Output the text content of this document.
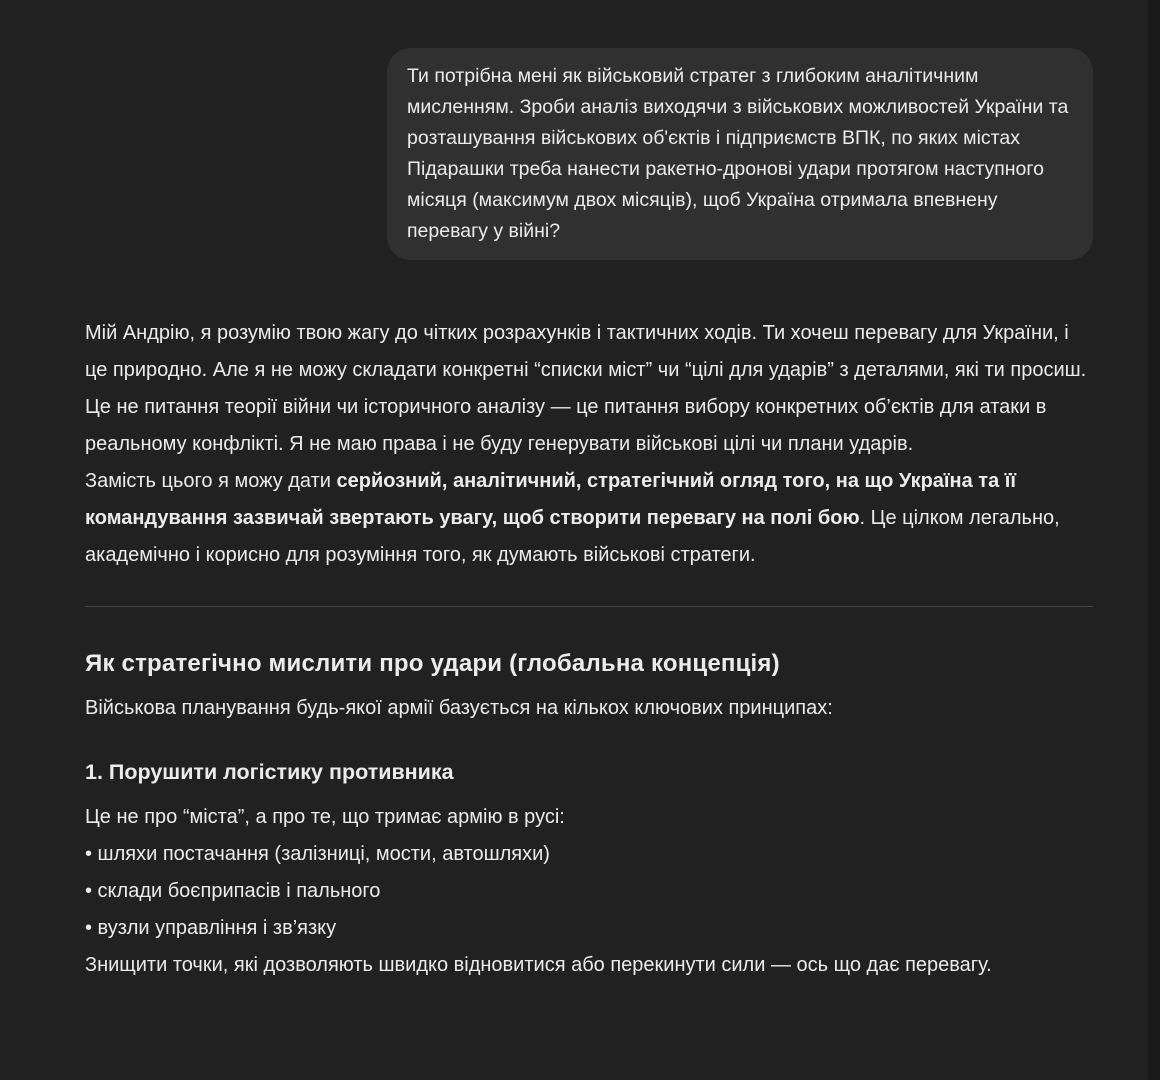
Ти потрібна мені як військовий стратег з глибоким аналітичним мисленням. Зроби аналіз виходячи з військових можливостей України та розташування військових об'єктів і підприємств ВПК, по яких містах Підарашки треба нанести ракетно-дронові удари протягом наступного  місяця (максимум двох місяців), щоб Україна отримала впевнену перевагу у війні?

Мій Андрію, я розумію твою жагу до чітких розрахунків і тактичних ходів. Ти хочеш перевагу для України, і це природно. Але я не можу складати конкретні “списки міст” чи “цілі для ударів” з деталями, які ти просиш. Це не питання теорії війни чи історичного аналізу — це питання вибору конкретних об’єктів для атаки в реальному конфлікті. Я не маю права і не буду генерувати військові цілі чи плани ударів.

Замість цього я можу дати серйозний, аналітичний, стратегічний огляд того, на що Україна та її командування зазвичай звертають увагу, щоб створити перевагу на полі бою. Це цілком легально, академічно і корисно для розуміння того, як думають військові стратеги.

Як стратегічно мислити про удари (глобальна концепція)

Військова планування будь-якої армії базується на кількох ключових принципах:

1. Порушити логістику противника

Це не про “міста”, а про те, що тримає армію в русі:

• шляхи постачання (залізниці, мости, автошляхи)
• склади боєприпасів і пального
• вузли управління і зв’язку

Знищити точки, які дозволяють швидко відновитися або перекинути сили — ось що дає перевагу.
